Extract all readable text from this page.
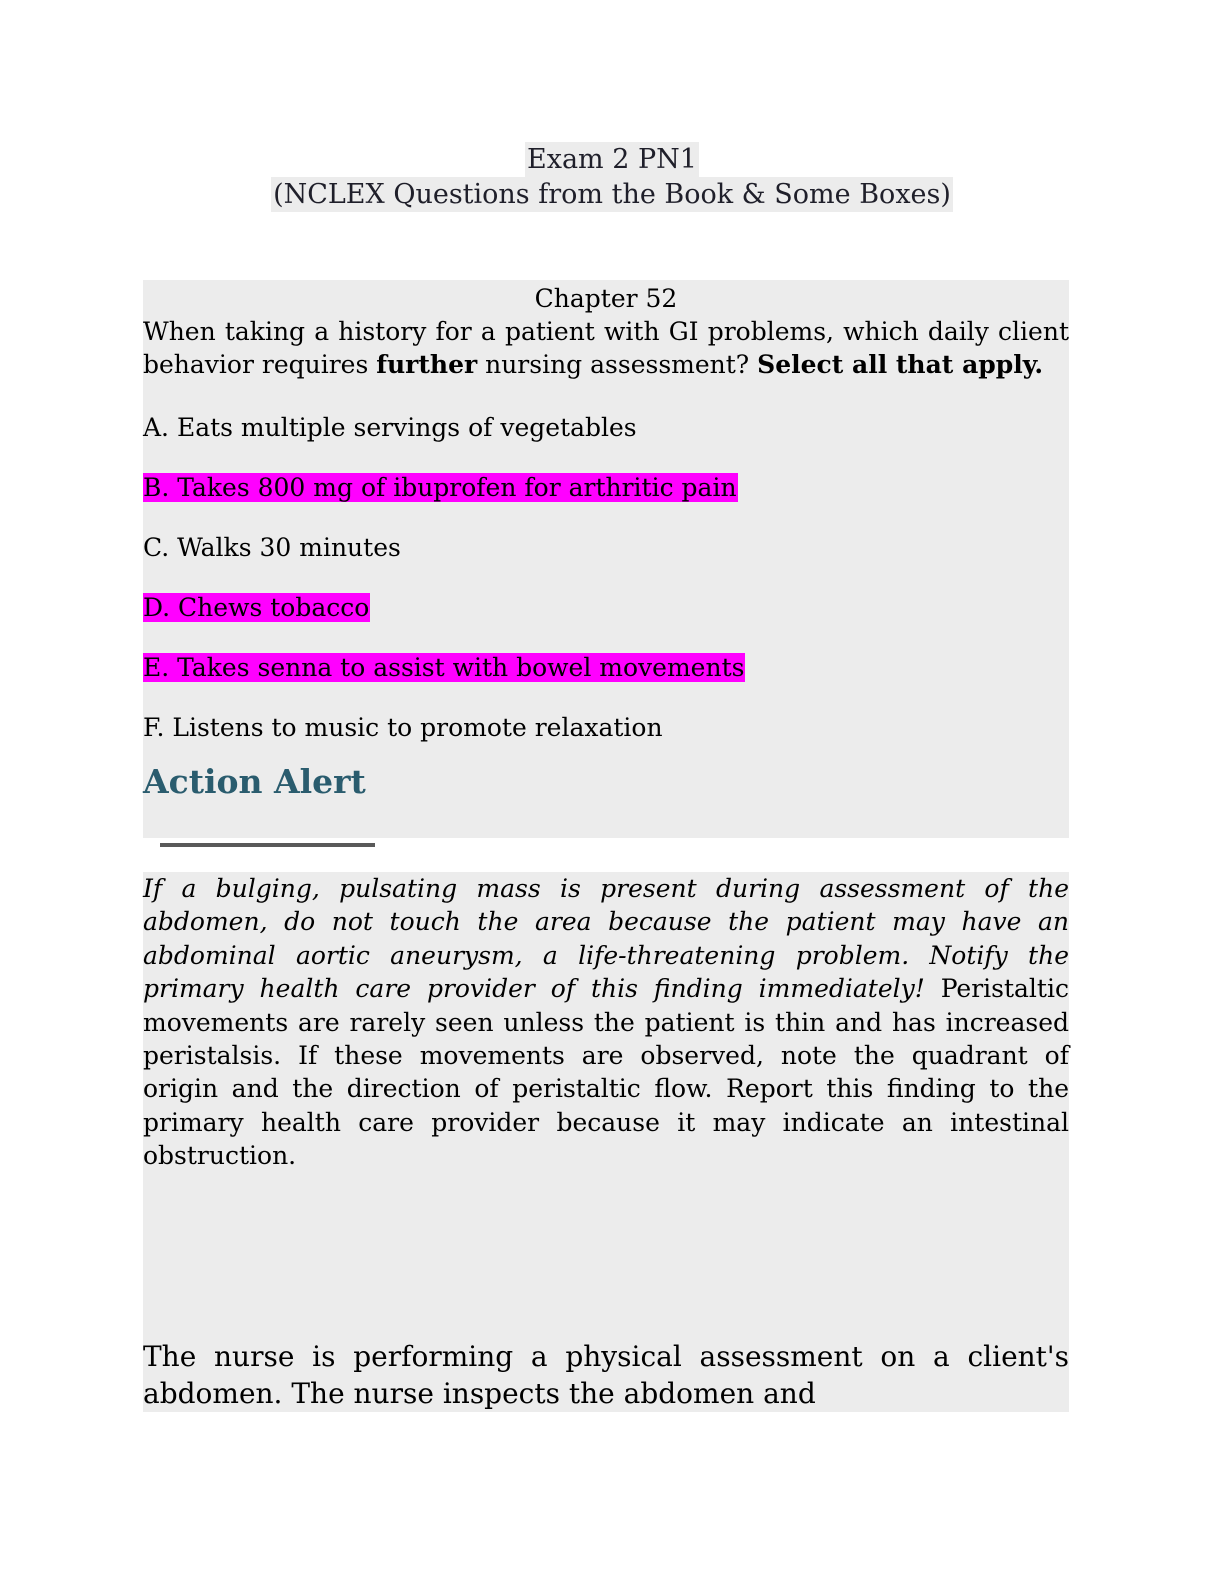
Exam 2 PN1
(NCLEX Questions from the Book & Some Boxes)
Chapter 52

When taking a history for a patient with GI problems, which daily client behavior requires further nursing assessment? Select all that apply.

A. Eats multiple servings of vegetables
B. Takes 800 mg of ibuprofen for arthritic pain
C. Walks 30 minutes
D. Chews tobacco
E. Takes senna to assist with bowel movements
F. Listens to music to promote relaxation
Action Alert

If a bulging, pulsating mass is present during assessment of the abdomen, do not touch the area because the patient may have an abdominal aortic aneurysm, a life-threatening problem. Notify the primary health care provider of this finding immediately! Peristaltic movements are rarely seen unless the patient is thin and has increased peristalsis. If these movements are observed, note the quadrant of origin and the direction of peristaltic flow. Report this finding to the primary health care provider because it may indicate an intestinal obstruction.

The nurse is performing a physical assessment on a client's abdomen. The nurse inspects the abdomen and
